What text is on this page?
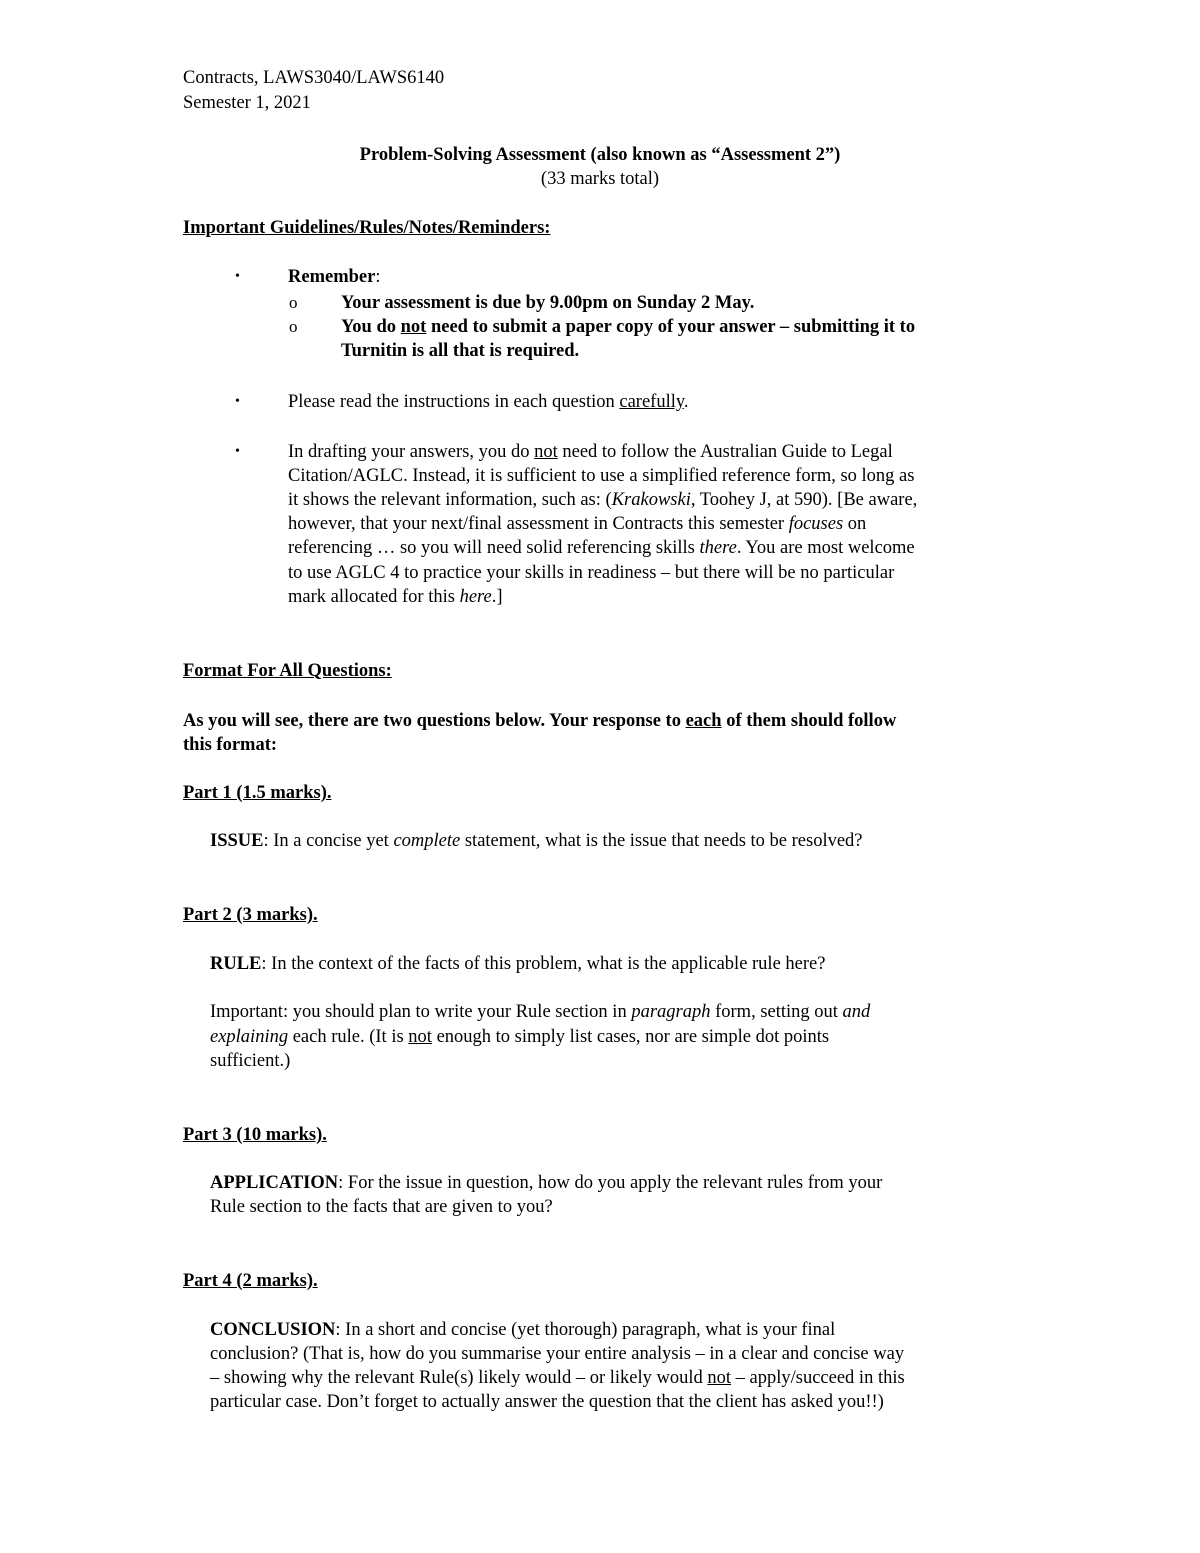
Contracts, LAWS3040/LAWS6140
Semester 1, 2021
Problem-Solving Assessment (also known as “Assessment 2”)
(33 marks total)
Important Guidelines/Rules/Notes/Reminders:
•	Remember:
o Your assessment is due by 9.00pm on Sunday 2 May.
o You do not need to submit a paper copy of your answer – submitting it to
Turnitin is all that is required.
•	Please read the instructions in each question carefully.
•	In drafting your answers, you do not need to follow the Australian Guide to Legal
Citation/AGLC. Instead, it is sufficient to use a simplified reference form, so long as
it shows the relevant information, such as: (Krakowski, Toohey J, at 590). [Be aware,
however, that your next/final assessment in Contracts this semester focuses on
referencing … so you will need solid referencing skills there. You are most welcome
to use AGLC 4 to practice your skills in readiness – but there will be no particular
mark allocated for this here.]
Format For All Questions:
As you will see, there are two questions below. Your response to each of them should follow
this format:
Part 1 (1.5 marks).
ISSUE: In a concise yet complete statement, what is the issue that needs to be resolved?
Part 2 (3 marks).
RULE: In the context of the facts of this problem, what is the applicable rule here?
Important: you should plan to write your Rule section in paragraph form, setting out and
explaining each rule. (It is not enough to simply list cases, nor are simple dot points
sufficient.)
Part 3 (10 marks).
APPLICATION: For the issue in question, how do you apply the relevant rules from your
Rule section to the facts that are given to you?
Part 4 (2 marks).
CONCLUSION: In a short and concise (yet thorough) paragraph, what is your final
conclusion? (That is, how do you summarise your entire analysis – in a clear and concise way
– showing why the relevant Rule(s) likely would – or likely would not – apply/succeed in this
particular case. Don’t forget to actually answer the question that the client has asked you!!)
